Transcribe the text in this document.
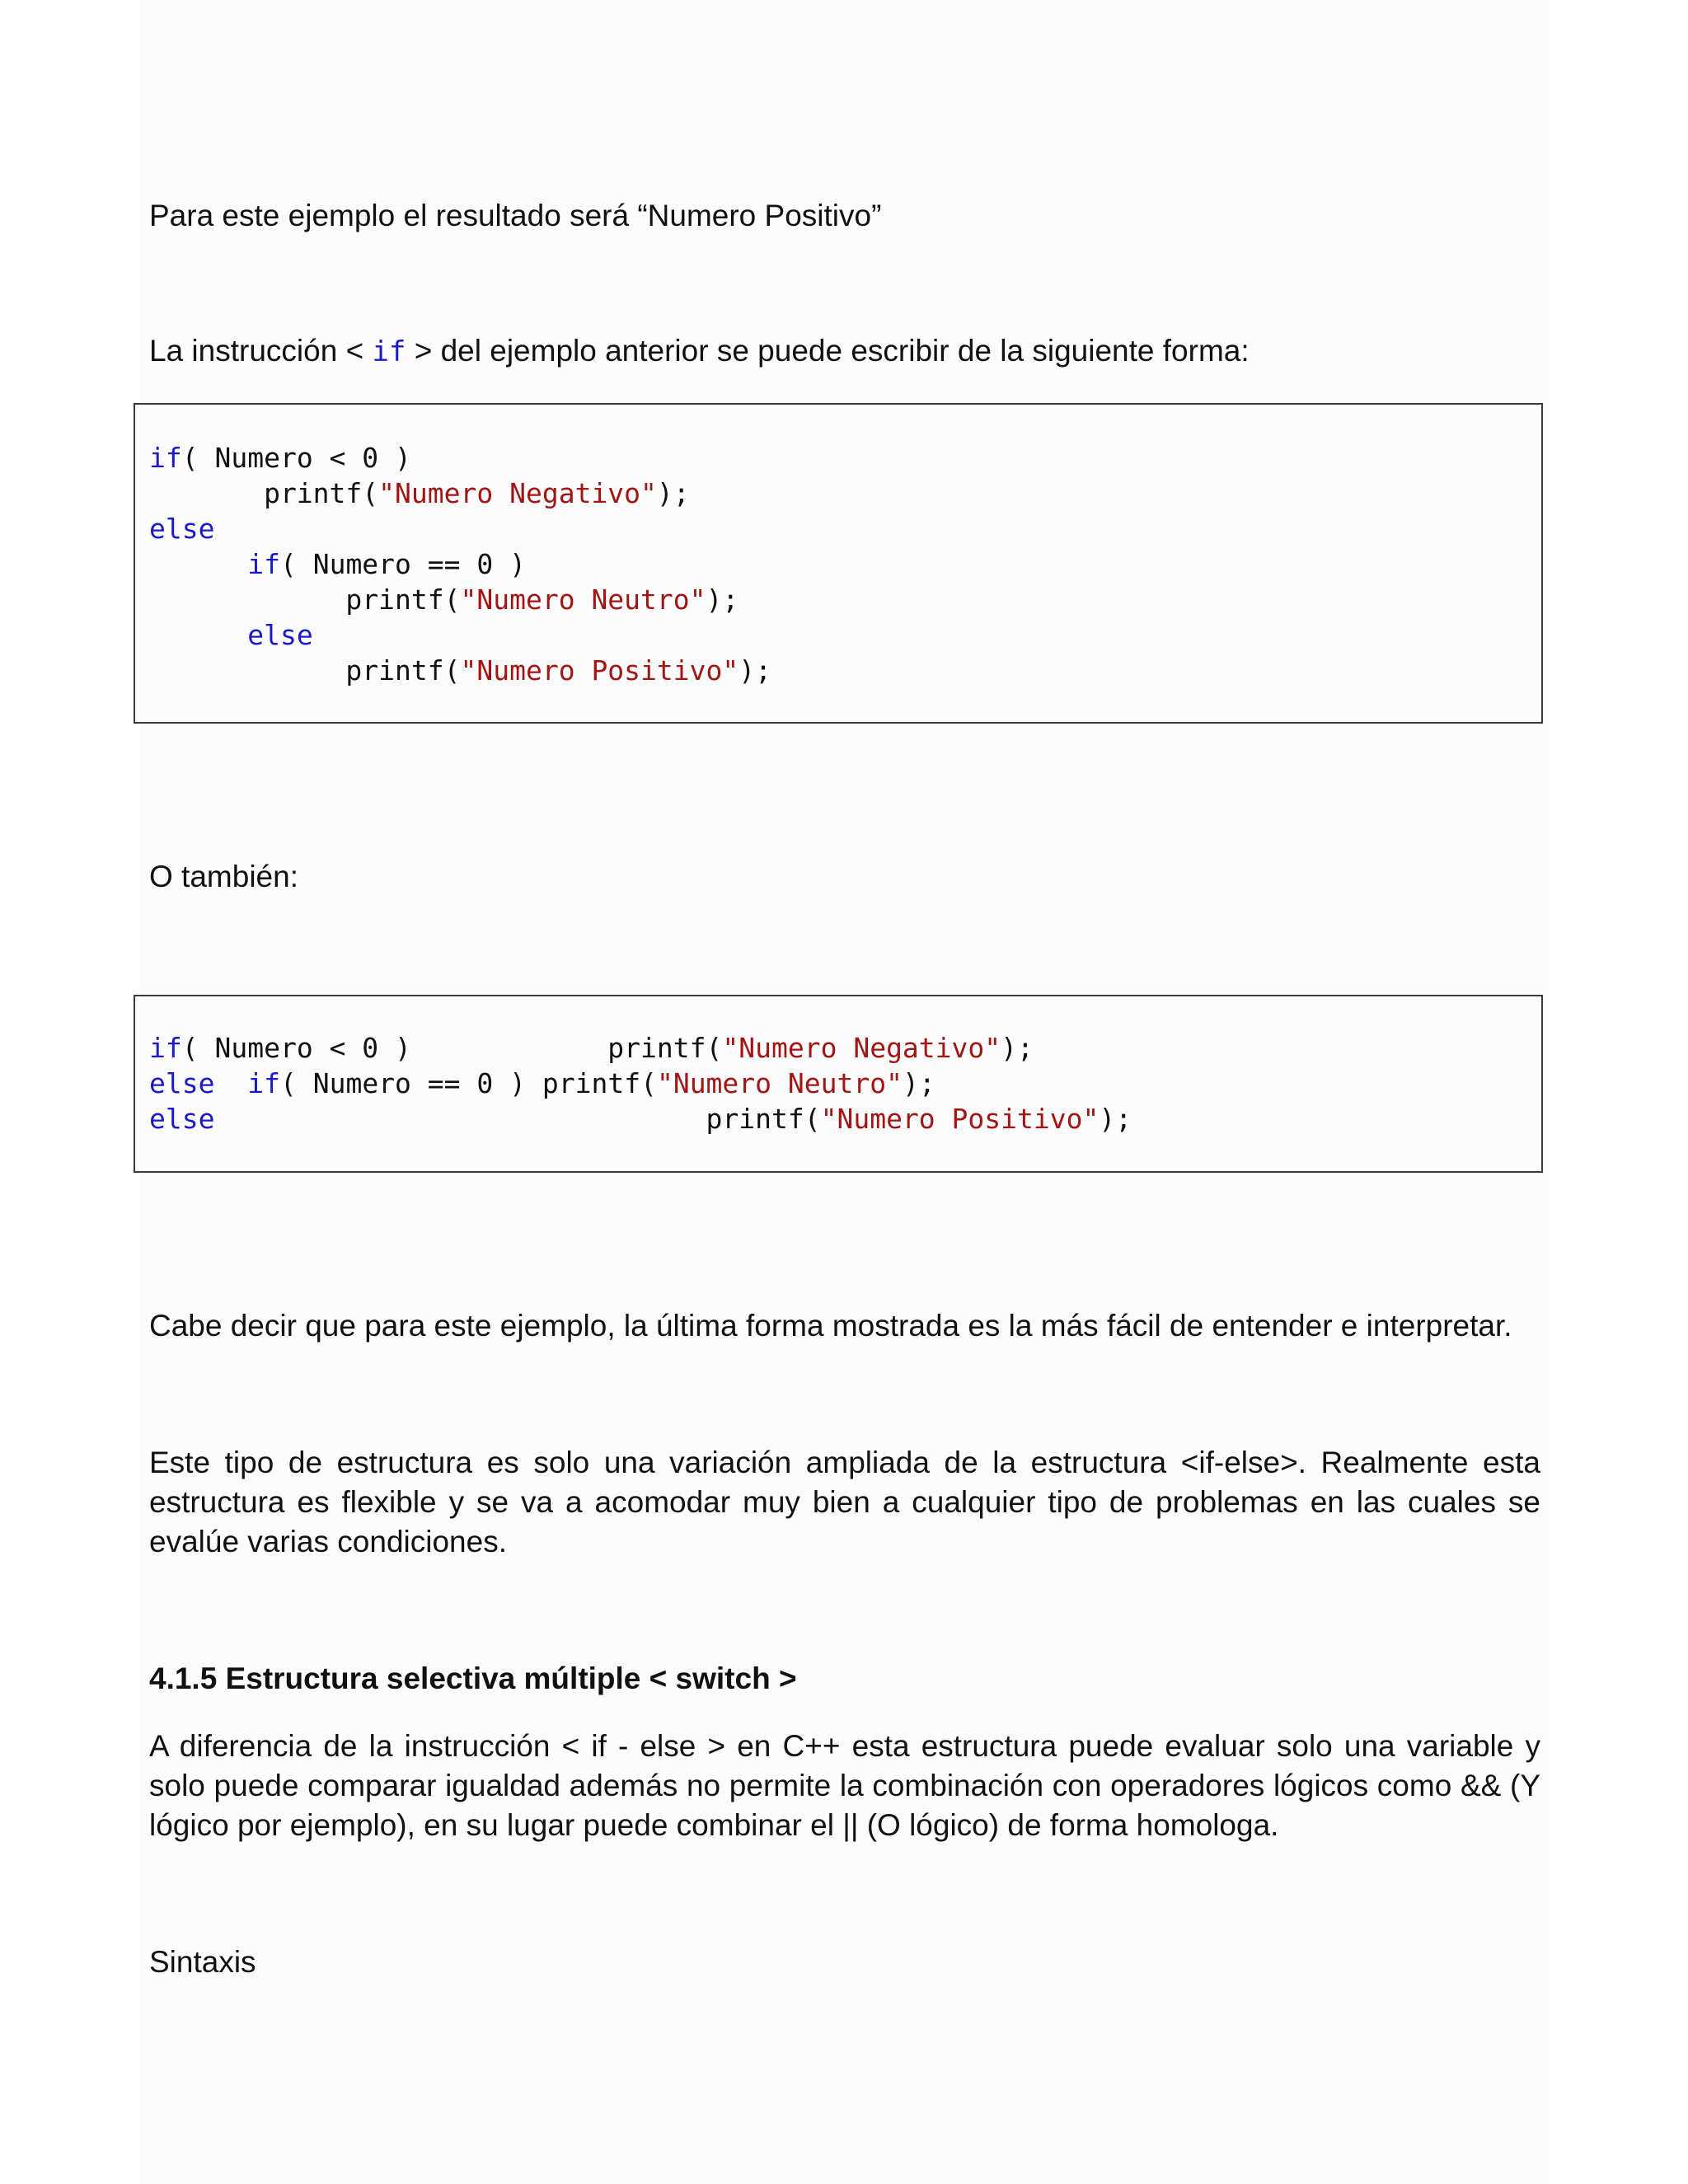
Para este ejemplo el resultado será “Numero Positivo”

La instrucción < if > del ejemplo anterior se puede escribir de la siguiente forma:

if( Numero < 0 )
printf("Numero Negativo");
else
if( Numero == 0 )
printf("Numero Neutro");
else
printf("Numero Positivo");

O también:

if( Numero < 0 )            printf("Numero Negativo");
else if( Numero == 0 ) printf("Numero Neutro");
else                              printf("Numero Positivo");

Cabe decir que para este ejemplo, la última forma mostrada es la más fácil de entender e interpretar.

Este tipo de estructura es solo una variación ampliada de la estructura <if-else>. Realmente esta estructura es flexible y se va a acomodar muy bien a cualquier tipo de problemas en las cuales se evalúe varias condiciones.

4.1.5 Estructura selectiva múltiple < switch >

A diferencia de la instrucción < if - else > en C++ esta estructura puede evaluar solo una variable y solo puede comparar igualdad además no permite la combinación con operadores lógicos como && (Y lógico por ejemplo), en su lugar puede combinar el || (O lógico) de forma homologa.

Sintaxis
